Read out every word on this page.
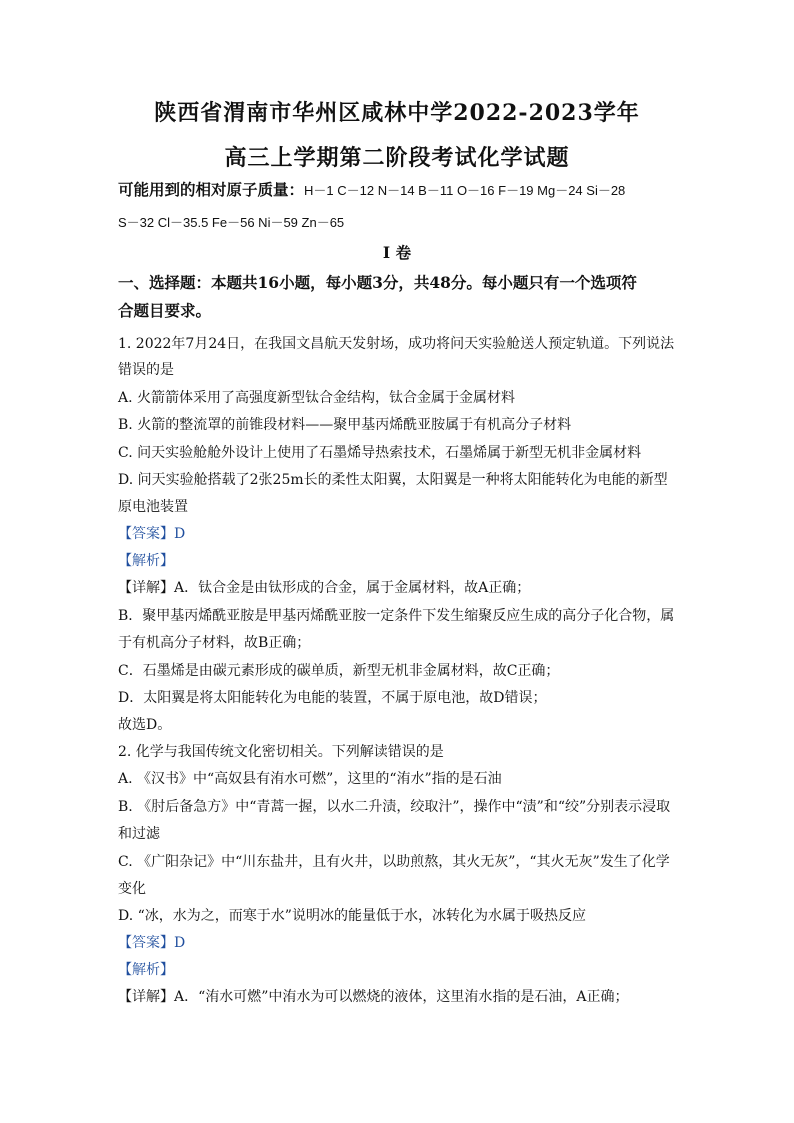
陕西省渭南市华州区咸林中学2022-2023学年
高三上学期第二阶段考试化学试题
可能用到的相对原子质量：H－1 C－12 N－14 B－11 O－16 F－19 Mg－24 Si－28
S－32 Cl－35.5 Fe－56 Ni－59 Zn－65
I 卷
一、选择题：本题共16小题，每小题3分，共48分。每小题只有一个选项符
合题目要求。
1. 2022年7月24日，在我国文昌航天发射场，成功将问天实验舱送人预定轨道。下列说法
错误的是
A. 火箭箭体采用了高强度新型钛合金结构，钛合金属于金属材料
B. 火箭的整流罩的前锥段材料——聚甲基丙烯酰亚胺属于有机高分子材料
C. 问天实验舱舱外设计上使用了石墨烯导热索技术，石墨烯属于新型无机非金属材料
D. 问天实验舱搭载了2张25m长的柔性太阳翼，太阳翼是一种将太阳能转化为电能的新型
原电池装置
【答案】D
【解析】
【详解】A．钛合金是由钛形成的合金，属于金属材料，故A正确；
B．聚甲基丙烯酰亚胺是甲基丙烯酰亚胺一定条件下发生缩聚反应生成的高分子化合物，属
于有机高分子材料，故B正确；
C．石墨烯是由碳元素形成的碳单质，新型无机非金属材料，故C正确；
D．太阳翼是将太阳能转化为电能的装置，不属于原电池，故D错误；
故选D。
2. 化学与我国传统文化密切相关。下列解读错误的是
A. 《汉书》中“高奴县有洧水可燃”，这里的“洧水”指的是石油
B. 《肘后备急方》中“青蒿一握，以水二升渍，绞取汁”，操作中“渍”和“绞”分别表示浸取
和过滤
C. 《广阳杂记》中“川东盐井，且有火井，以助煎熬，其火无灰”，“其火无灰”发生了化学
变化
D. “冰，水为之，而寒于水”说明冰的能量低于水，冰转化为水属于吸热反应
【答案】D
【解析】
【详解】A．“洧水可燃”中洧水为可以燃烧的液体，这里洧水指的是石油，A正确；
